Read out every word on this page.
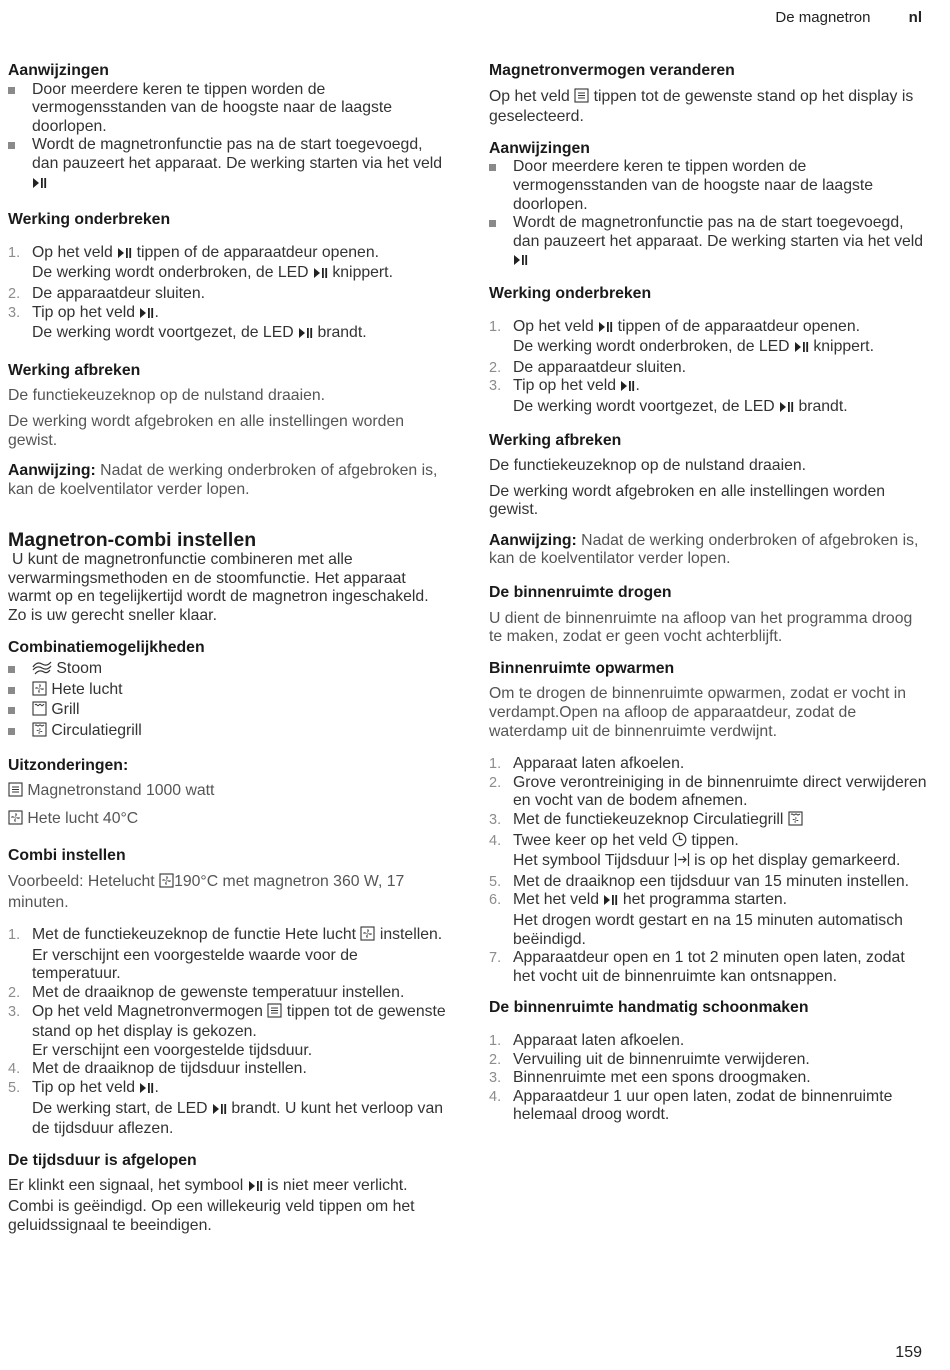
De magnetron	nl
Aanwijzingen
Door meerdere keren te tippen worden de vermogensstanden van de hoogste naar de laagste doorlopen.
Wordt de magnetronfunctie pas na de start toegevoegd, dan pauzeert het apparaat. De werking starten via het veld
Werking onderbreken
1. Op het veld tippen of de apparaatdeur openen.
De werking wordt onderbroken, de LED knippert.
2. De apparaatdeur sluiten.
3. Tip op het veld .
De werking wordt voortgezet, de LED brandt.
Werking afbreken

De functiekeuzeknop op de nulstand draaien.

De werking wordt afgebroken en alle instellingen worden gewist.

Aanwijzing: Nadat de werking onderbroken of afgebroken is, kan de koelventilator verder lopen.

Magnetron-combi instellen

U kunt de magnetronfunctie combineren met alle verwarmingsmethoden en de stoomfunctie. Het apparaat warmt op en tegelijkertijd wordt de magnetron ingeschakeld. Zo is uw gerecht sneller klaar.

Combinatiemogelijkheden
Stoom
Hete lucht
Grill
Circulatiegrill
Uitzonderingen:

Magnetronstand 1000 watt

Hete lucht 40°C

Combi instellen

Voorbeeld: Hetelucht 190°C met magnetron 360 W, 17 minuten.

1. Met de functiekeuzeknop de functie Hete lucht instellen.
Er verschijnt een voorgestelde waarde voor de temperatuur.
2. Met de draaiknop de gewenste temperatuur instellen.
3. Op het veld Magnetronvermogen tippen tot de gewenste stand op het display is gekozen.
Er verschijnt een voorgestelde tijdsduur.
4. Met de draaiknop de tijdsduur instellen.
5. Tip op het veld .
De werking start, de LED brandt. U kunt het verloop van de tijdsduur aflezen.
De tijdsduur is afgelopen

Er klinkt een signaal, het symbool is niet meer verlicht. Combi is geëindigd. Op een willekeurig veld tippen om het geluidssignaal te beeindigen.

Magnetronvermogen veranderen

Op het veld tippen tot de gewenste stand op het display is geselecteerd.

Aanwijzingen
Door meerdere keren te tippen worden de vermogensstanden van de hoogste naar de laagste doorlopen.
Wordt de magnetronfunctie pas na de start toegevoegd, dan pauzeert het apparaat. De werking starten via het veld
Werking onderbreken
1. Op het veld tippen of de apparaatdeur openen.
De werking wordt onderbroken, de LED knippert.
2. De apparaatdeur sluiten.
3. Tip op het veld .
De werking wordt voortgezet, de LED brandt.
Werking afbreken

De functiekeuzeknop op de nulstand draaien.

De werking wordt afgebroken en alle instellingen worden gewist.

Aanwijzing: Nadat de werking onderbroken of afgebroken is, kan de koelventilator verder lopen.

De binnenruimte drogen

U dient de binnenruimte na afloop van het programma droog te maken, zodat er geen vocht achterblijft.

Binnenruimte opwarmen

Om te drogen de binnenruimte opwarmen, zodat er vocht in verdampt.Open na afloop de apparaatdeur, zodat de waterdamp uit de binnenruimte verdwijnt.

1. Apparaat laten afkoelen.
2. Grove verontreiniging in de binnenruimte direct verwijderen en vocht van de bodem afnemen.
3. Met de functiekeuzeknop Circulatiegrill
4. Twee keer op het veld tippen.
Het symbool Tijdsduur is op het display gemarkeerd.
5. Met de draaiknop een tijdsduur van 15 minuten instellen.
6. Met het veld het programma starten.
Het drogen wordt gestart en na 15 minuten automatisch beëindigd.
7. Apparaatdeur open en 1 tot 2 minuten open laten, zodat het vocht uit de binnenruimte kan ontsnappen.
De binnenruimte handmatig schoonmaken
1. Apparaat laten afkoelen.
2. Vervuiling uit de binnenruimte verwijderen.
3. Binnenruimte met een spons droogmaken.
4. Apparaatdeur 1 uur open laten, zodat de binnenruimte helemaal droog wordt.
159
